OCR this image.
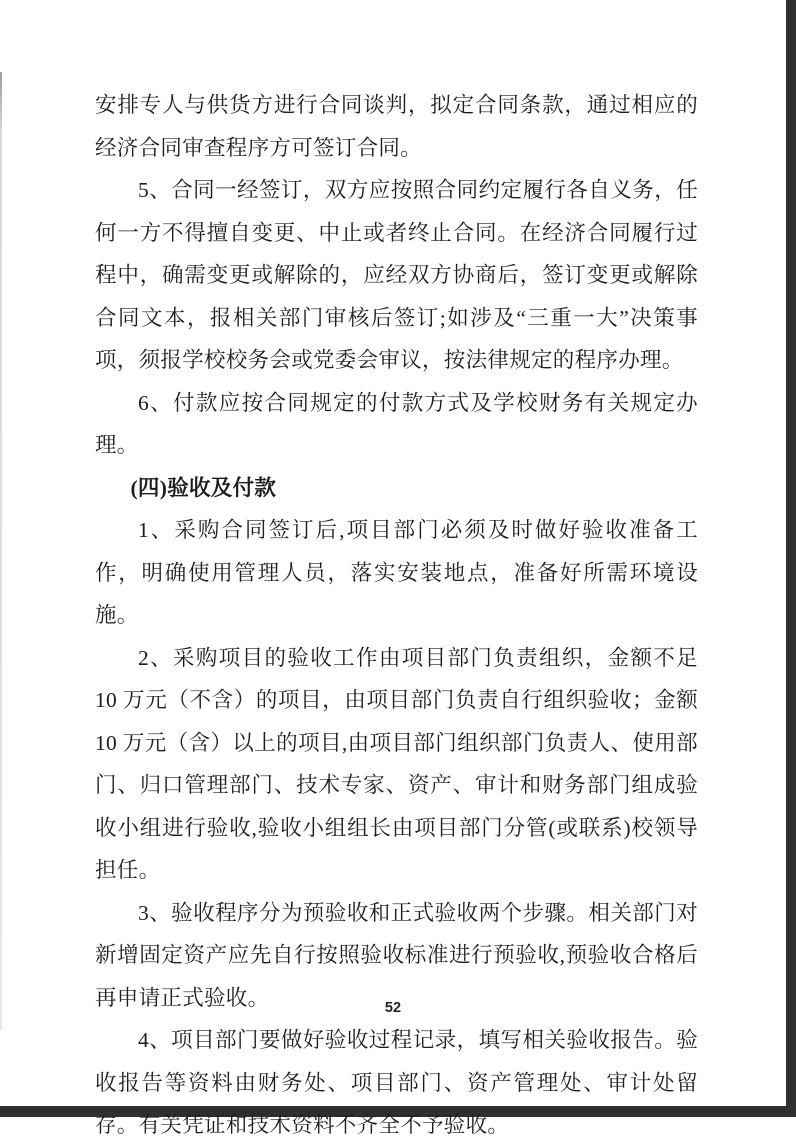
安排专人与供货方进行合同谈判，拟定合同条款，通过相应的经济合同审查程序方可签订合同。

5、合同一经签订，双方应按照合同约定履行各自义务，任何一方不得擅自变更、中止或者终止合同。在经济合同履行过程中，确需变更或解除的，应经双方协商后，签订变更或解除合同文本，报相关部门审核后签订;如涉及“三重一大”决策事项，须报学校校务会或党委会审议，按法律规定的程序办理。

6、付款应按合同规定的付款方式及学校财务有关规定办理。

(四)验收及付款

1、采购合同签订后,项目部门必须及时做好验收准备工作，明确使用管理人员，落实安装地点，准备好所需环境设施。

2、采购项目的验收工作由项目部门负责组织，金额不足 10 万元（不含）的项目，由项目部门负责自行组织验收；金额 10 万元（含）以上的项目,由项目部门组织部门负责人、使用部门、归口管理部门、技术专家、资产、审计和财务部门组成验收小组进行验收,验收小组组长由项目部门分管(或联系)校领导担任。

3、验收程序分为预验收和正式验收两个步骤。相关部门对新增固定资产应先自行按照验收标准进行预验收,预验收合格后再申请正式验收。

4、项目部门要做好验收过程记录，填写相关验收报告。验收报告等资料由财务处、项目部门、资产管理处、审计处留存。有关凭证和技术资料不齐全不予验收。

52
